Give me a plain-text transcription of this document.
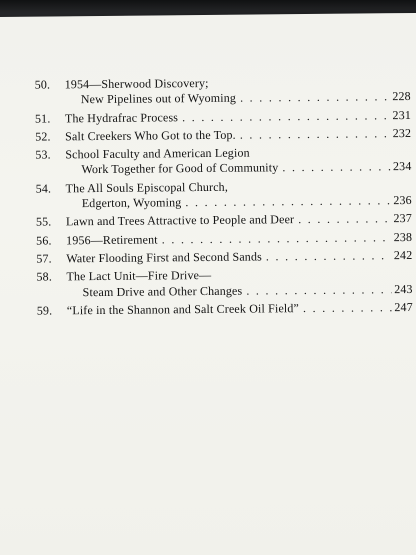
50.	1954—Sherwood Discovery;
New Pipelines out of Wyoming . . .	228
51.	The Hydrafrac Process . . .	231
52.	Salt Creekers Who Got to the Top. . . .	232
53.	School Faculty and American Legion
Work Together for Good of Community . . .	234
54.	The All Souls Episcopal Church,
Edgerton, Wyoming . . .	236
55.	Lawn and Trees Attractive to People and Deer . . .	237
56.	1956—Retirement . . .	238
57.	Water Flooding First and Second Sands . . .	242
58.	The Lact Unit—Fire Drive—
Steam Drive and Other Changes . . .	243
59.	“Life in the Shannon and Salt Creek Oil Field” . . .	247
